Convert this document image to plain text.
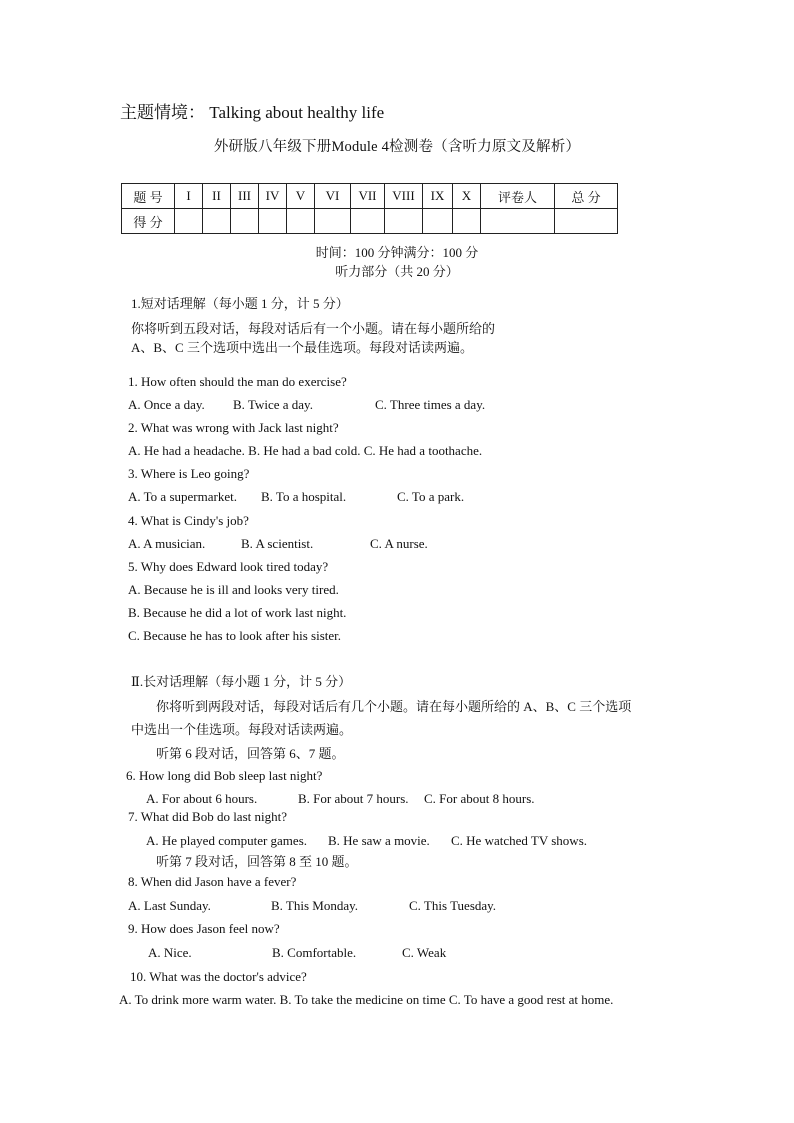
主题情境： Talking about healthy life
外研版八年级下册Module 4检测卷（含听力原文及解析）
题 号	I	II	III	IV	V	VI	VII	VIII	IX	X	评卷人	总 分
得 分												
时间：100 分钟满分：100 分
听力部分（共 20 分）
1.短对话理解（每小题 1 分，计 5 分）
你将听到五段对话，每段对话后有一个小题。请在每小题所给的
A、B、C 三个选项中选出一个最佳选项。每段对话读两遍。
1. How often should the man do exercise?
A. Once a day. B. Twice a day.	C. Three times a day.
2. What was wrong with Jack last night?
A. He had a headache. B. He had a bad cold. C. He had a toothache.
3. Where is Leo going?
A. To a supermarket. B. To a hospital.	C. To a park.
4. What is Cindy's job?
A. A musician.	B. A scientist.	C. A nurse.
5. Why does Edward look tired today?
A. Because he is ill and looks very tired.
B. Because he did a lot of work last night.
C. Because he has to look after his sister.
Ⅱ.长对话理解（每小题 1 分，计 5 分）
你将听到两段对话，每段对话后有几个小题。请在每小题所给的 A、B、C 三个选项
中选出一个佳选项。每段对话读两遍。
听第 6 段对话，回答第 6、7 题。
6. How long did Bob sleep last night?
A. For about 6 hours.	B. For about 7 hours. C. For about 8 hours.
7. What did Bob do last night?
A. He played computer games. B. He saw a movie. C. He watched TV shows.
听第 7 段对话，回答第 8 至 10 题。
8. When did Jason have a fever?
A. Last Sunday.	B. This Monday.	C. This Tuesday.
9. How does Jason feel now?
A. Nice.	B. Comfortable.	C. Weak
10. What was the doctor's advice?
A. To drink more warm water. B. To take the medicine on time C. To have a good rest at home.
